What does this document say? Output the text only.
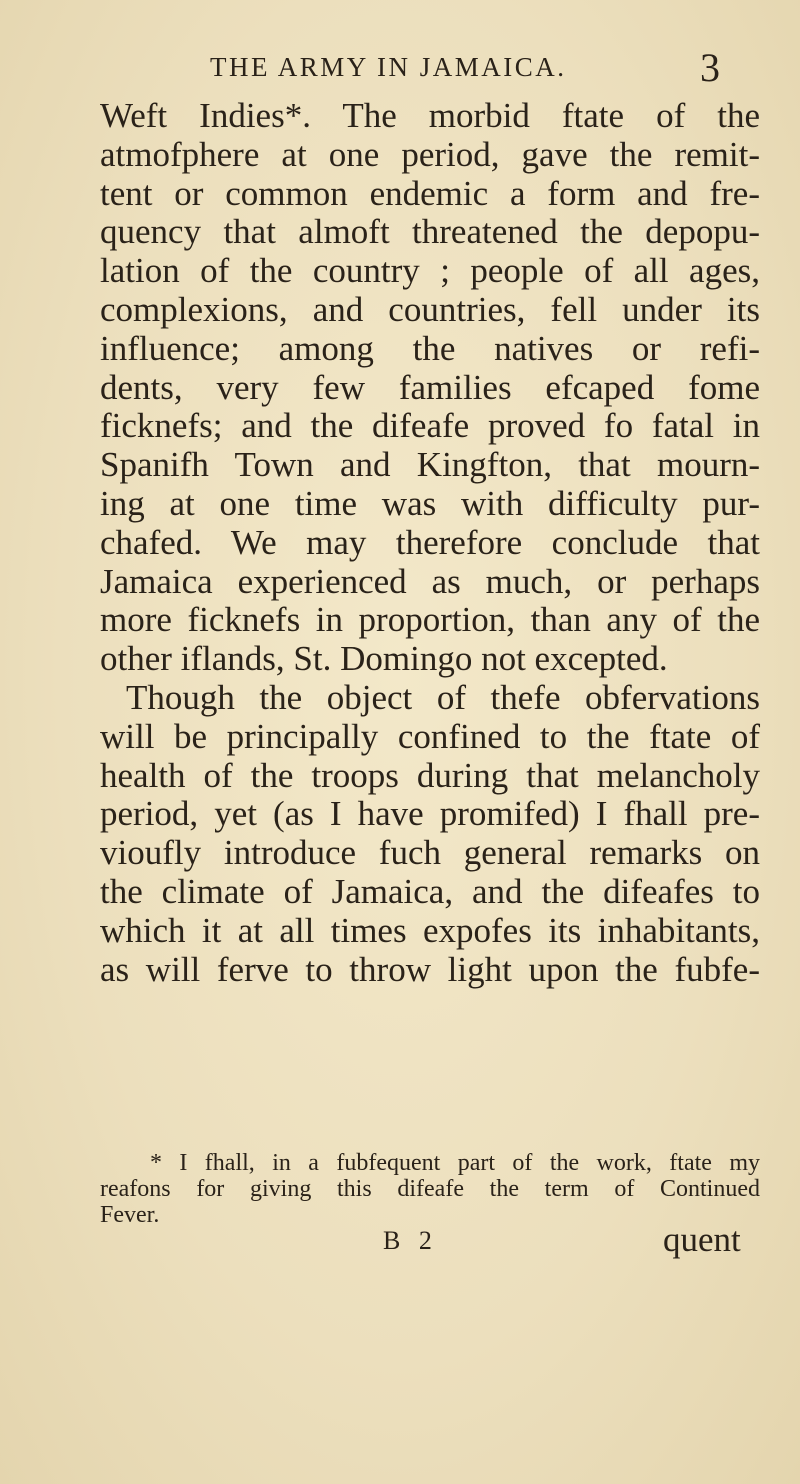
THE ARMY IN JAMAICA.	3
Weft Indies*. The morbid ftate of the
atmofphere at one period, gave the remit-
tent or common endemic a form and fre-
quency that almoft threatened the depopu-
lation of the country ; people of all ages,
complexions, and countries, fell under its
influence; among the natives or refi-
dents, very few families efcaped fome
ficknefs; and the difeafe proved fo fatal in
Spanifh Town and Kingfton, that mourn-
ing at one time was with difficulty pur-
chafed. We may therefore conclude that
Jamaica experienced as much, or perhaps
more ficknefs in proportion, than any of the
other iflands, St. Domingo not excepted.
Though the object of thefe obfervations
will be principally confined to the ftate of
health of the troops during that melancholy
period, yet (as I have promifed) I fhall pre-
vioufly introduce fuch general remarks on
the climate of Jamaica, and the difeafes to
which it at all times expofes its inhabitants,
as will ferve to throw light upon the fubfe-
* I fhall, in a fubfequent part of the work, ftate my
reafons for giving this difeafe the term of Continued
Fever.
B 2	quent
